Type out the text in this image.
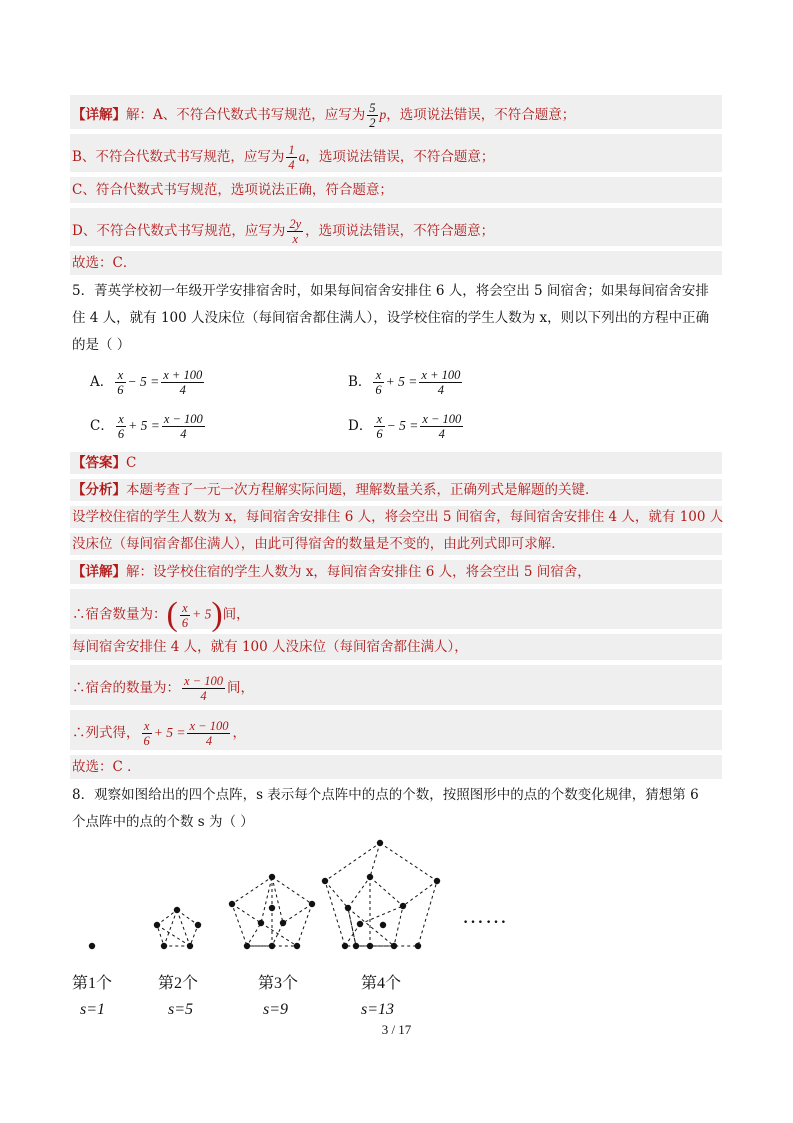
【详解】解：A、不符合代数式书写规范，应写为 $\frac{5}{2}$ p，选项说法错误，不符合题意；
B、不符合代数式书写规范，应写为 $\frac{1}{4}$ a，选项说法错误，不符合题意；
C、符合代数式书写规范，选项说法正确，符合题意；
D、不符合代数式书写规范，应写为 $\frac{2y}{x}$ ，选项说法错误，不符合题意；
故选：C．
5．菁英学校初一年级开学安排宿舍时，如果每间宿舍安排住 6 人，将会空出 5 间宿舍；如果每间宿舍安排
住 4 人，就有 100 人没床位（每间宿舍都住满人），设学校住宿的学生人数为 x，则以下列出的方程中正确
的是（ ）
A． $\frac{x}{6} - 5 = \frac{x + 100}{4}$	B． $\frac{x}{6} + 5 = \frac{x + 100}{4}$
C． $\frac{x}{6} + 5 = \frac{x - 100}{4}$	D． $\frac{x}{6} - 5 = \frac{x - 100}{4}$
【答案】C
【分析】本题考查了一元一次方程解实际问题，理解数量关系，正确列式是解题的关键．
设学校住宿的学生人数为 x，每间宿舍安排住 6 人，将会空出 5 间宿舍，每间宿舍安排住 4 人，就有 100 人
没床位（每间宿舍都住满人），由此可得宿舍的数量是不变的，由此列式即可求解．
【详解】解：设学校住宿的学生人数为 x，每间宿舍安排住 6 人，将会空出 5 间宿舍，
∴宿舍数量为：( $\frac{x}{6} + 5$)间，
每间宿舍安排住 4 人，就有 100 人没床位（每间宿舍都住满人），
∴宿舍的数量为： $\frac{x - 100}{4}$ 间，
∴列式得， $\frac{x}{6} + 5 = \frac{x - 100}{4}$ ，
故选：C ．
8．观察如图给出的四个点阵，s 表示每个点阵中的点的个数，按照图形中的点的个数变化规律，猜想第 6
个点阵中的点的个数 s 为（ ）
……
第1个	第2个	第3个	第4个
s=1	s=5	s=9	s=13
3 / 17
